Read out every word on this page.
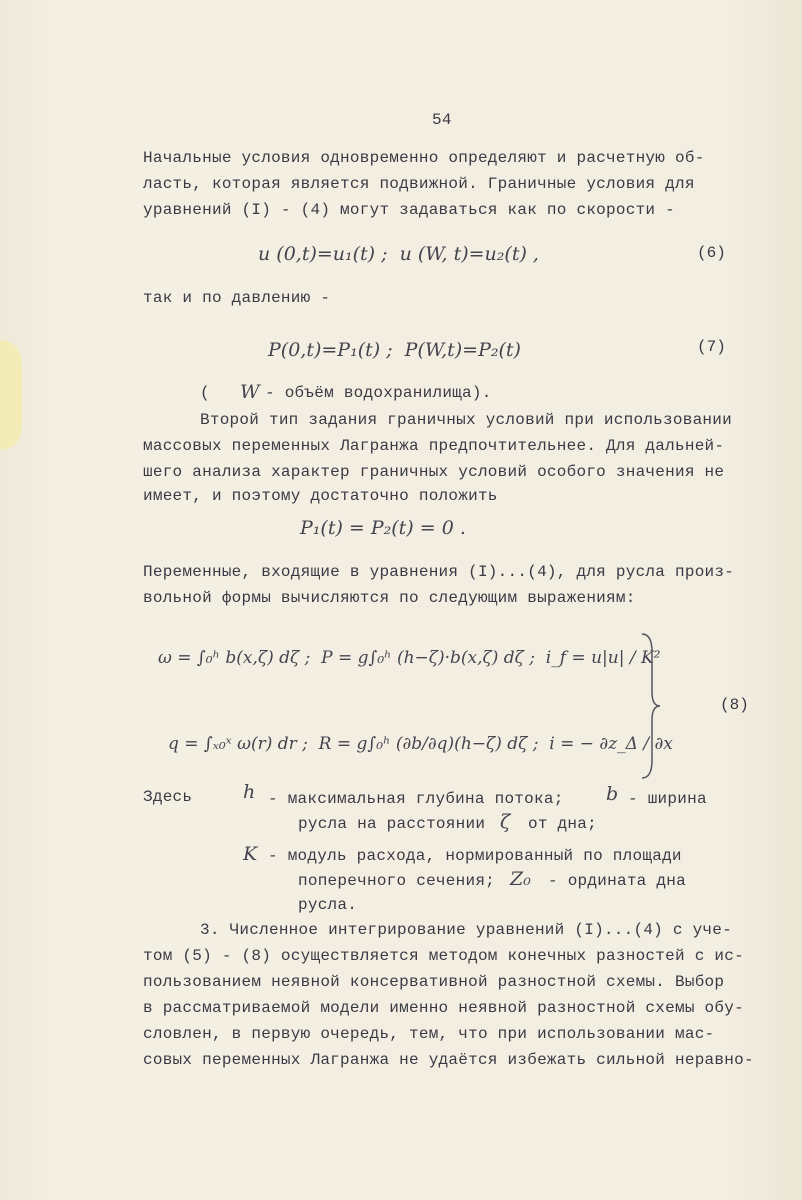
54
Начальные условия одновременно определяют и расчетную об-
ласть, которая является подвижной. Граничные условия для
уравнений (I) - (4) могут задаваться как по скорости -
u (0,t)=u₁(t) ;  u (W, t)=u₂(t) ,	(6)
так и по давлению -
P(0,t)=P₁(t) ;  P(W,t)=P₂(t)	(7)
( W - объём водохранилища).
Второй тип задания граничных условий при использовании
массовых переменных Лагранжа предпочтительнее. Для дальней-
шего анализа характер граничных условий особого значения не
имеет, и поэтому достаточно положить
P₁(t) = P₂(t) = 0 .
Переменные, входящие в уравнения (I)...(4), для русла произ-
вольной формы вычисляются по следующим выражениям:
ω = ∫₀ʰ b(x,ζ) dζ ;  P = g∫₀ʰ (h−ζ)·b(x,ζ) dζ ;  i_f = u|u| / K²
q = ∫ₓ₀ˣ ω(r) dr ;  R = g∫₀ʰ (∂b/∂q)(h−ζ) dζ ;  i = − ∂z_Δ / ∂x
(8)
Здесь	h - максимальная глубина потока; b - ширина
русла на расстоянии ζ от дна;
K - модуль расхода, нормированный по площади
поперечного сечения; Z₀ - ордината дна
русла.
3. Численное интегрирование уравнений (I)...(4) с уче-
том (5) - (8) осуществляется методом конечных разностей с ис-
пользованием неявной консервативной разностной схемы. Выбор
в рассматриваемой модели именно неявной разностной схемы обу-
словлен, в первую очередь, тем, что при использовании мас-
совых переменных Лагранжа не удаётся избежать сильной неравно-
